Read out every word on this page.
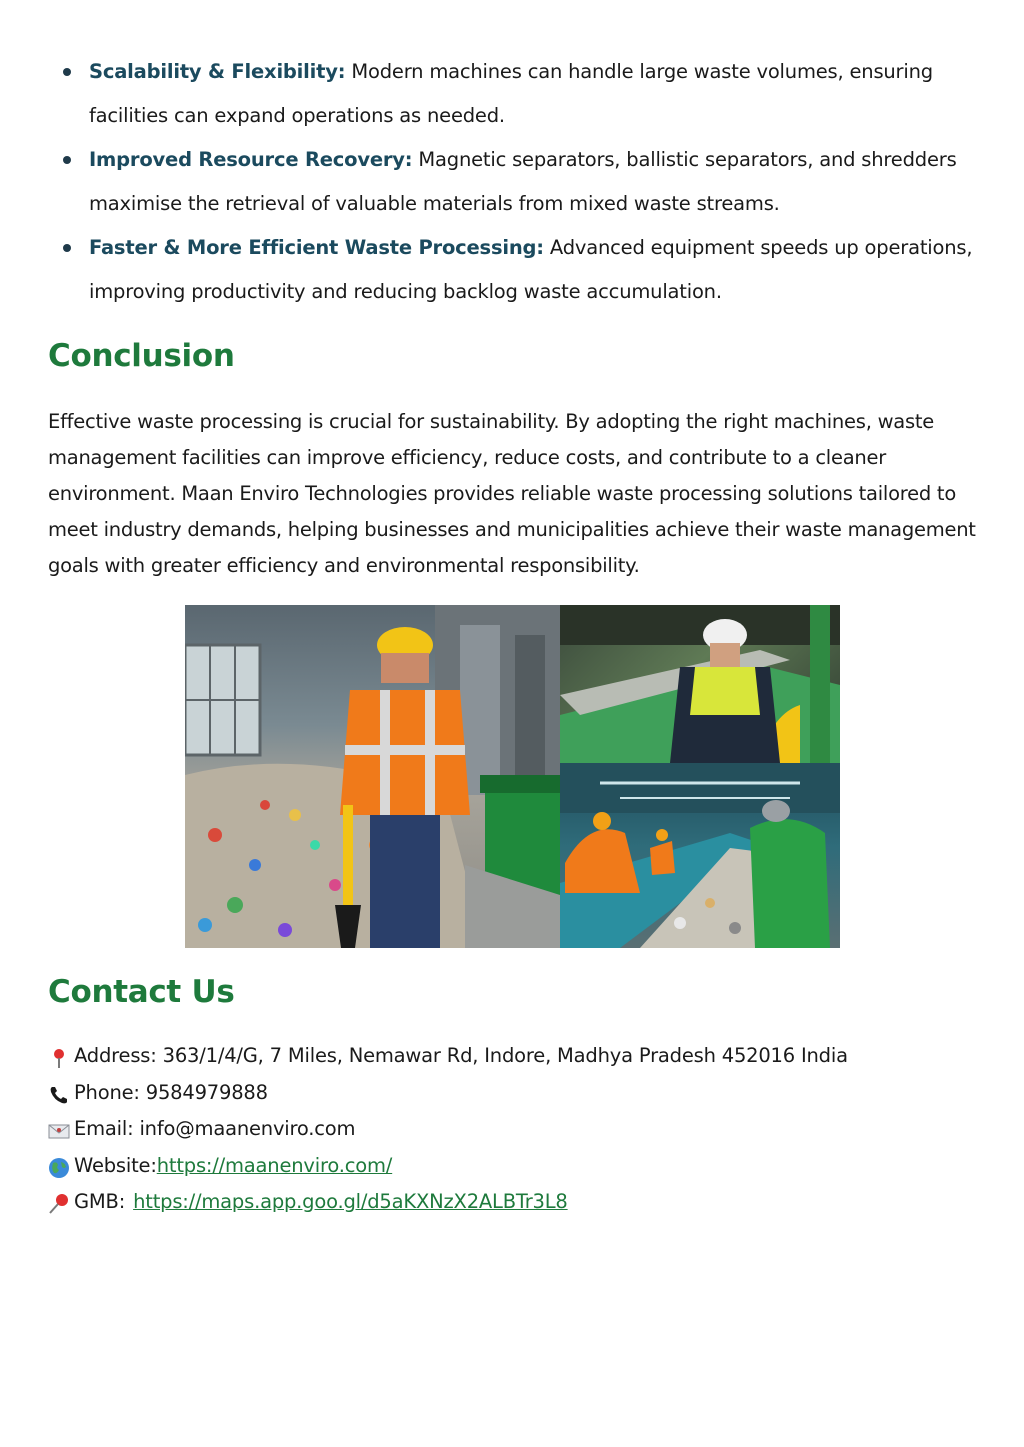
Scalability & Flexibility: Modern machines can handle large waste volumes, ensuring facilities can expand operations as needed.
Improved Resource Recovery: Magnetic separators, ballistic separators, and shredders maximise the retrieval of valuable materials from mixed waste streams.
Faster & More Efficient Waste Processing: Advanced equipment speeds up operations, improving productivity and reducing backlog waste accumulation.
Conclusion

Effective waste processing is crucial for sustainability. By adopting the right machines, waste management facilities can improve efficiency, reduce costs, and contribute to a cleaner environment. Maan Enviro Technologies provides reliable waste processing solutions tailored to meet industry demands, helping businesses and municipalities achieve their waste management goals with greater efficiency and environmental responsibility.

Contact Us
Address: 363/1/4/G, 7 Miles, Nemawar Rd, Indore, Madhya Pradesh 452016 India
Phone: 9584979888
Email: info@maanenviro.com
Website: https://maanenviro.com/
GMB: https://maps.app.goo.gl/d5aKXNzX2ALBTr3L8
